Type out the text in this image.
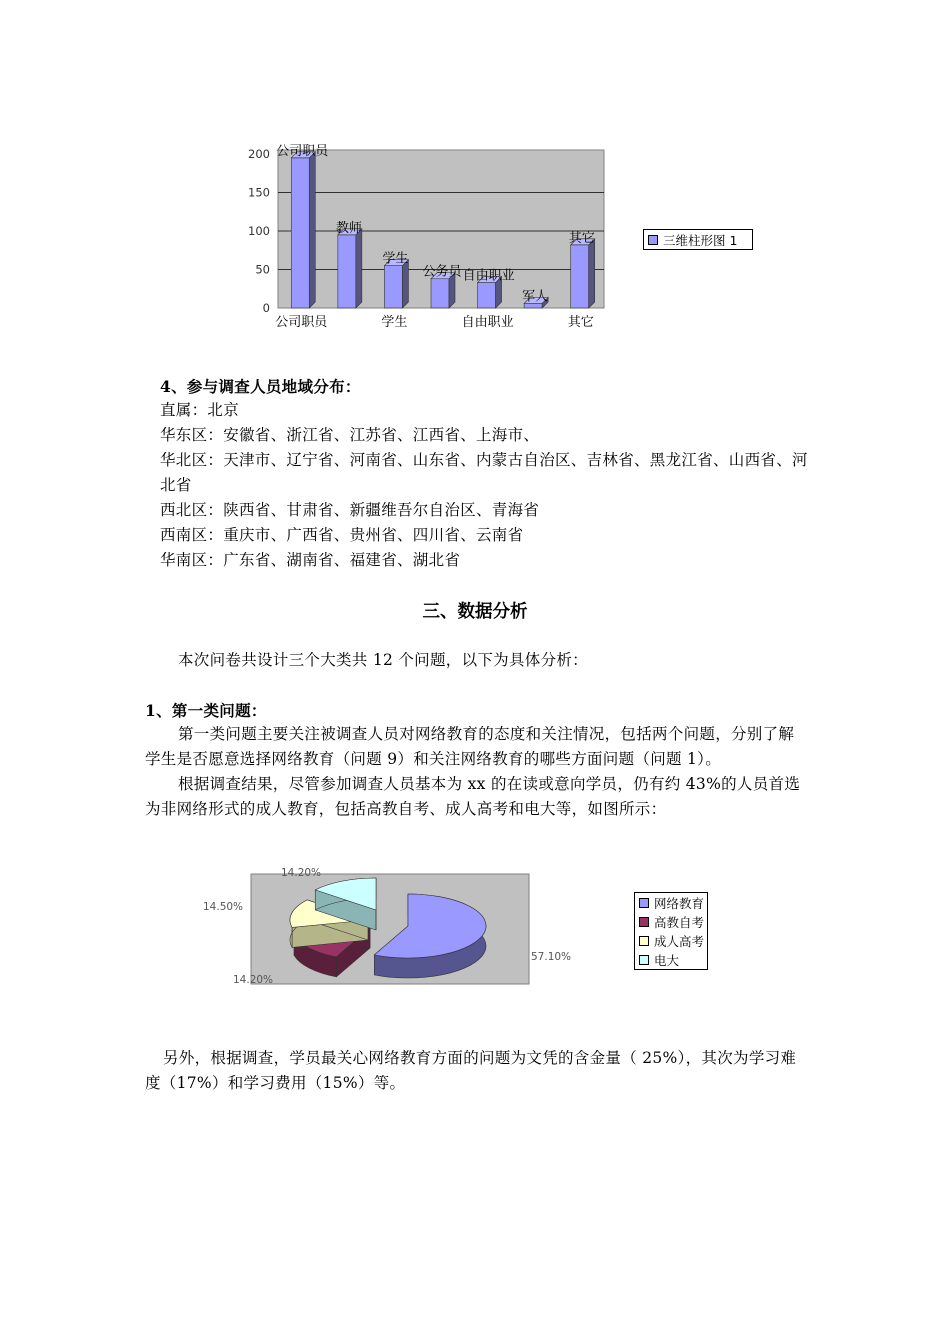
200
150
100
50
0
公司职员
教师
学生
公务员 自由职业
军人
其它
公司职员	学生	自由职业	其它
三维柱形图 1
4、参与调查人员地域分布：
直属：北京
华东区：安徽省、浙江省、江苏省、江西省、上海市、
华北区：天津市、辽宁省、河南省、山东省、内蒙古自治区、吉林省、黑龙江省、山西省、河北省
西北区：陕西省、甘肃省、新疆维吾尔自治区、青海省
西南区：重庆市、广西省、贵州省、四川省、云南省
华南区：广东省、湖南省、福建省、湖北省
三、数据分析
本次问卷共设计三个大类共 12 个问题，以下为具体分析：
1、第一类问题：
第一类问题主要关注被调查人员对网络教育的态度和关注情况，包括两个问题，分别了解学生是否愿意选择网络教育（问题 9）和关注网络教育的哪些方面问题（问题 1）。
根据调查结果，尽管参加调查人员基本为 xx 的在读或意向学员，仍有约 43%的人员首选为非网络形式的成人教育，包括高教自考、成人高考和电大等，如图所示：
57.10%
14.20%
14.50%
14.20%
网络教育
高教自考
成人高考
电大
另外，根据调查，学员最关心网络教育方面的问题为文凭的含金量（ 25%），其次为学习难度（17%）和学习费用（15%）等。
